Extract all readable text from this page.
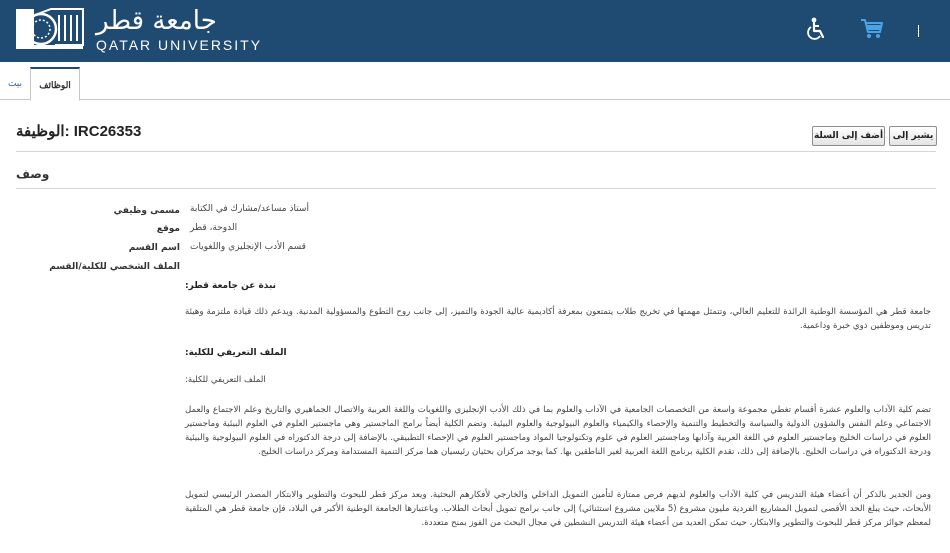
جامعة قطر
QATAR UNIVERSITY
بيت	الوظائف
الوظيفة: IRC26353	أضف إلى السلة	يشير إلى
وصف
مسمى وظيفي أستاذ مساعد/مشارك في الكتابة
موقع الدوحة، قطر
اسم القسم قسم الأدب الإنجليزي واللغويات
الملف الشخصي للكلية/القسم
نبذة عن جامعة قطر:
جامعة قطر هي المؤسسة الوطنية الرائدة للتعليم العالي، وتتمثل مهمتها في تخريج طلاب يتمتعون بمعرفة أكاديمية عالية الجودة والتميز، إلى جانب روح التطوع والمسؤولية المدنية. ويدعم ذلك قيادة ملتزمة وهيئة تدريس وموظفين ذوي خبرة وداعمية.
الملف التعريفي للكلية:
الملف التعريفي للكلية:
تضم كلية الآداب والعلوم عشرة أقسام تغطي مجموعة واسعة من التخصصات الجامعية في الآداب والعلوم بما في ذلك الأدب الإنجليزي واللغويات واللغة العربية والاتصال الجماهيري والتاريخ وعلم الاجتماع والعمل الاجتماعي وعلم النفس والشؤون الدولية والسياسة والتخطيط والتنمية والإحصاء والكيمياء والعلوم البيولوجية والعلوم البيئية. وتضم الكلية أيضاً برامج الماجستير وهي ماجستير العلوم في العلوم البيئية وماجستير العلوم في دراسات الخليج وماجستير العلوم في اللغة العربية وآدابها وماجستير العلوم في علوم وتكنولوجيا المواد وماجستير العلوم في الإحصاء التطبيقي. بالإضافة إلى درجة الدكتوراه في العلوم البيولوجية والبيئية ودرجة الدكتوراه في دراسات الخليج. بالإضافة إلى ذلك، تقدم الكلية برنامج اللغة العربية لغير الناطقين بها. كما يوجد مركزان بحثيان رئيسيان هما مركز التنمية المستدامة ومركز دراسات الخليج.
ومن الجدير بالذكر أن أعضاء هيئة التدريس في كلية الآداب والعلوم لديهم فرص ممتازة لتأمين التمويل الداخلي والخارجي لأفكارهم البحثية. ويعد مركز قطر للبحوث والتطوير والابتكار المصدر الرئيسي لتمويل الأبحاث، حيث يبلغ الحد الأقصى لتمويل المشاريع الفردية مليون مشروع (5 ملايين مشروع استثنائي) إلى جانب برامج تمويل أبحاث الطلاب. وباعتبارها الجامعة الوطنية الأكبر في البلاد، فإن جامعة قطر هي المتلقية لمعظم جوائز مركز قطر للبحوث والتطوير والابتكار، حيث تمكن العديد من أعضاء هيئة التدريس النشطين في مجال البحث من الفوز بمنح متعددة.
